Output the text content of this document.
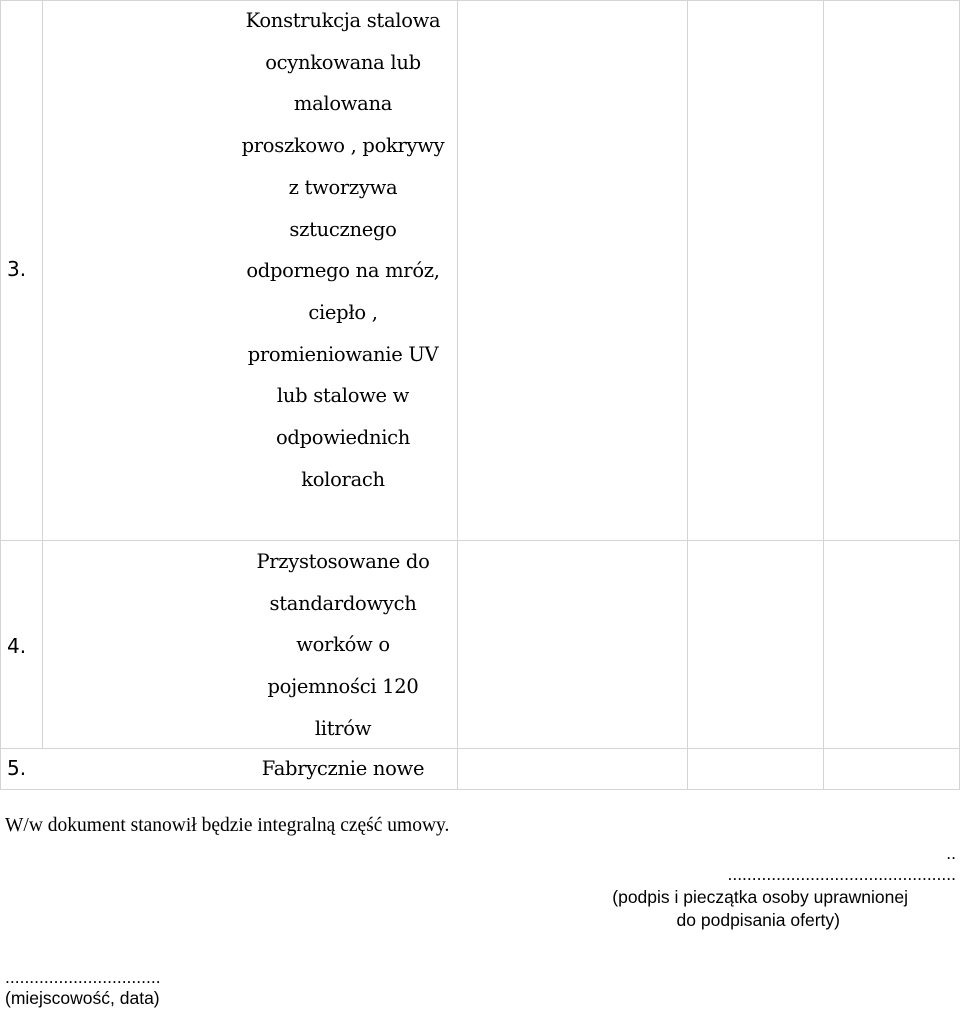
3.
Konstrukcja stalowa
ocynkowana lub
malowana
proszkowo , pokrywy
z tworzywa
sztucznego
odpornego na mróz,
ciepło ,
promieniowanie UV
lub stalowe w
odpowiednich
kolorach
4.
Przystosowane do
standardowych
worków o
pojemności 120
litrów
5.	Fabrycznie nowe
W/w dokument stanowił będzie integralną część umowy.
..
...............................................
(podpis i pieczątka osoby uprawnionej
do podpisania oferty)
................................
(miejscowość, data)
